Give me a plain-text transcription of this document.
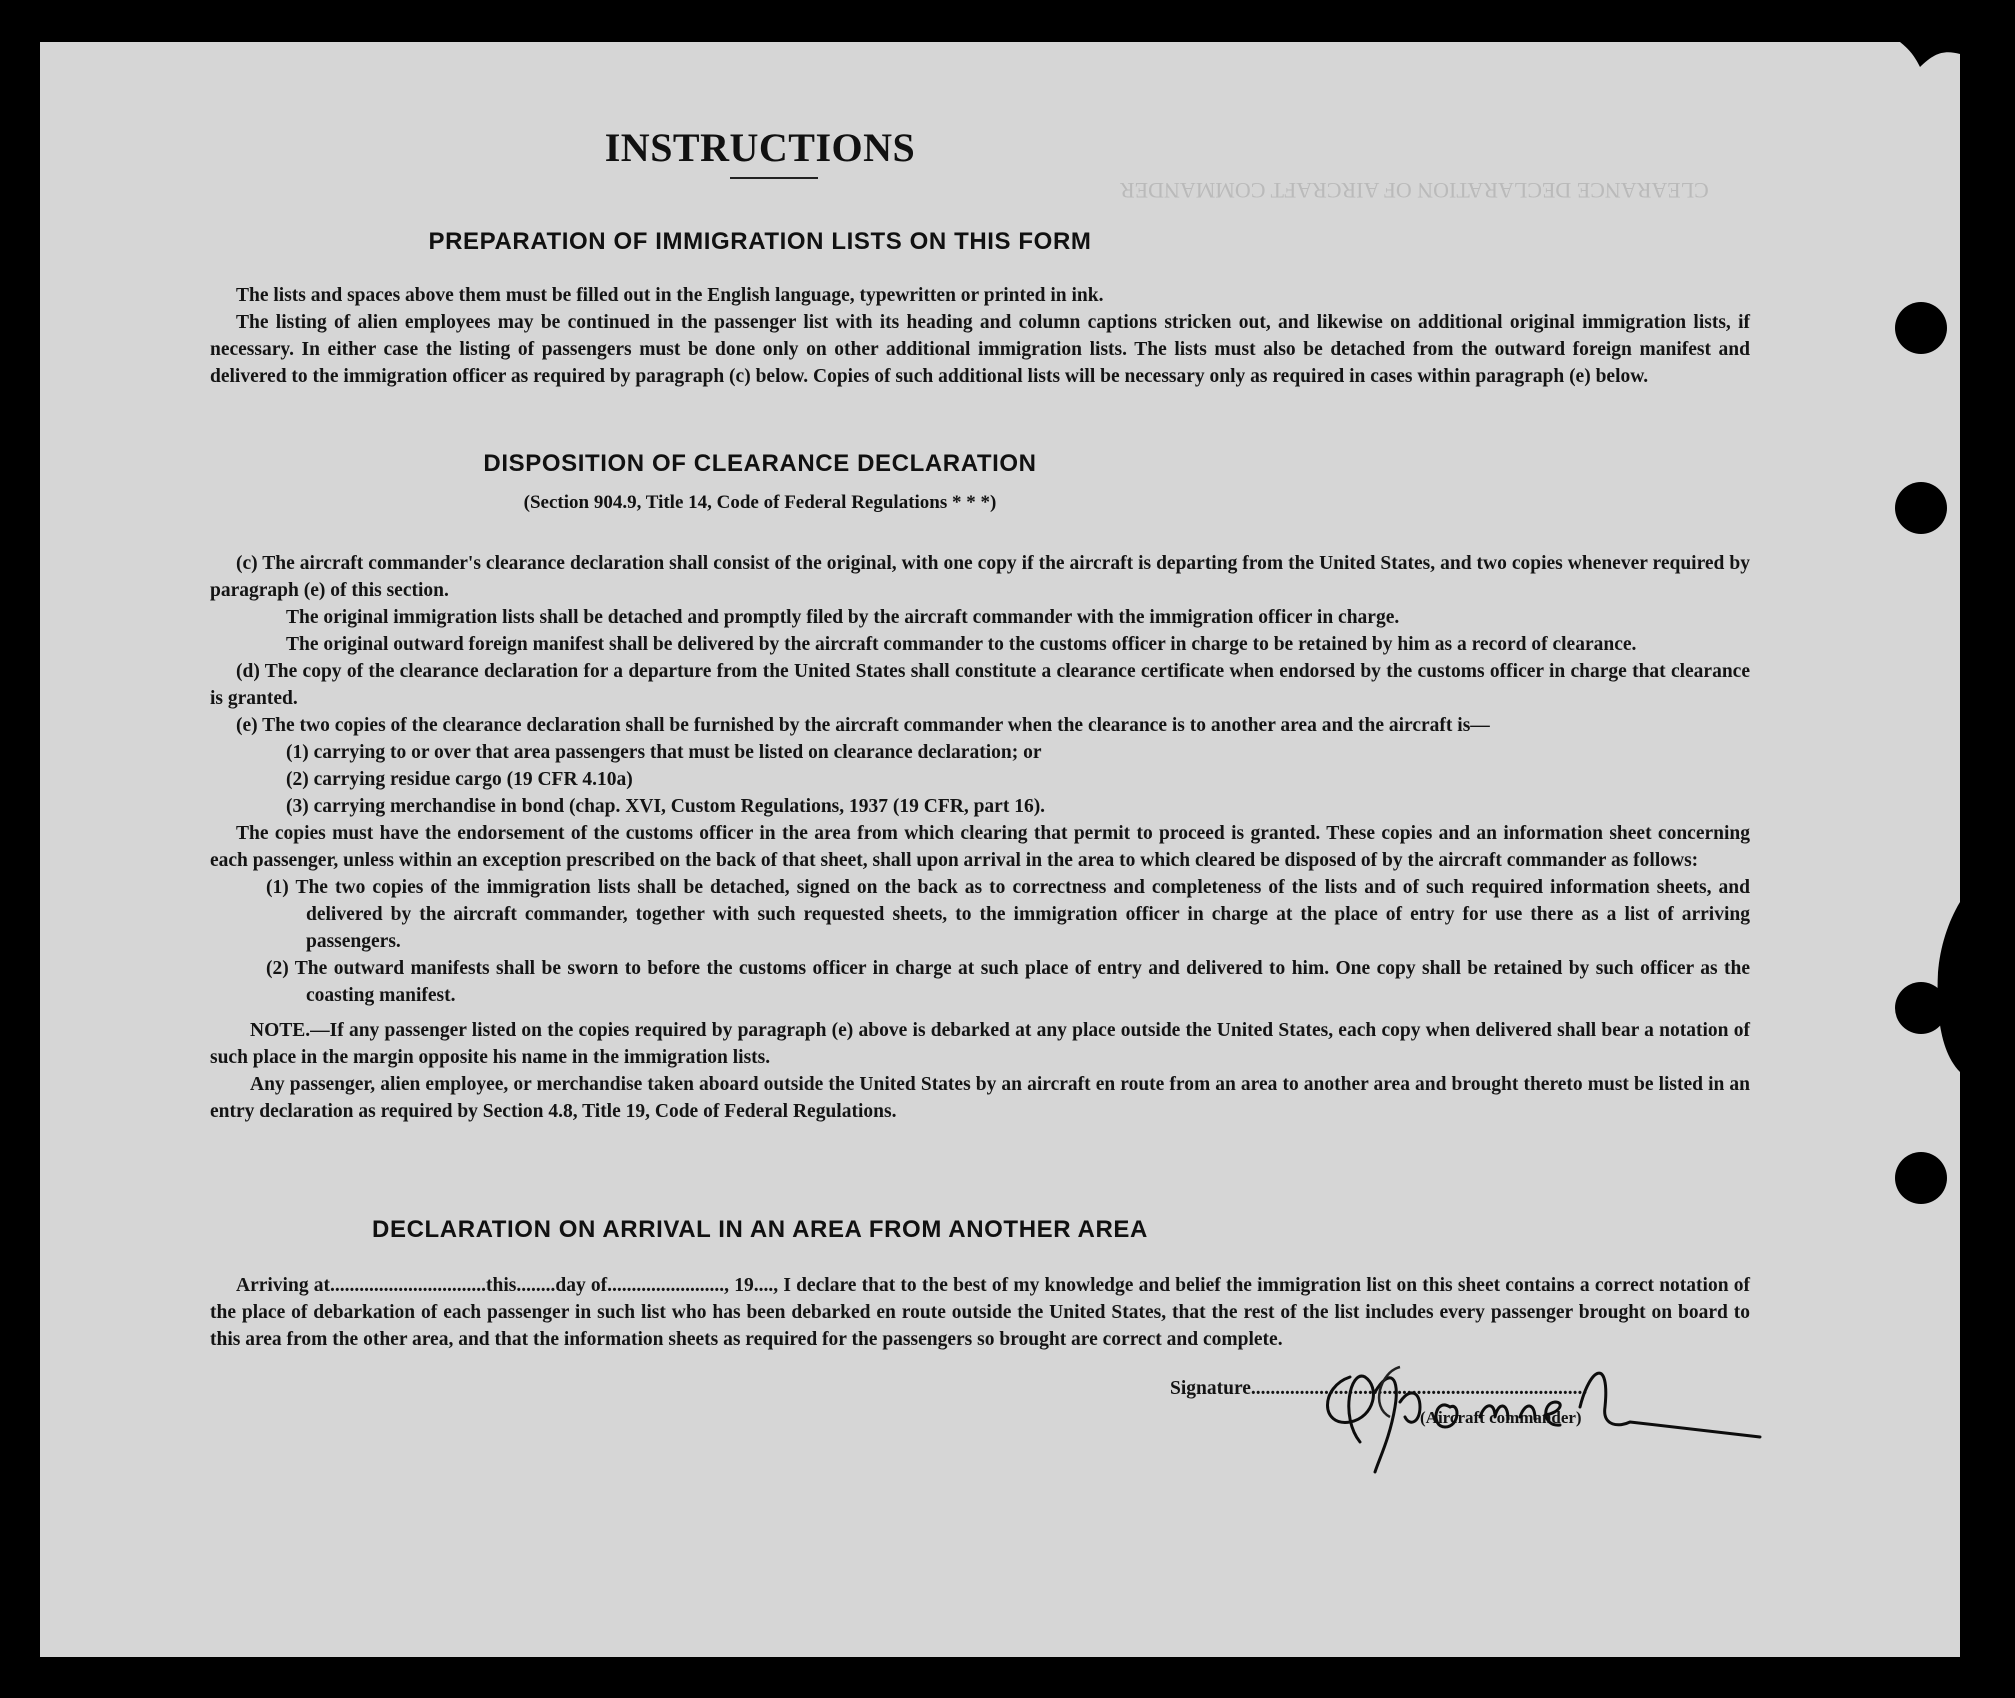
CLEARANCE DECLARATION OF AIRCRAFT COMMANDER
INSTRUCTIONS
PREPARATION OF IMMIGRATION LISTS ON THIS FORM

The lists and spaces above them must be filled out in the English language, typewritten or printed in ink.

The listing of alien employees may be continued in the passenger list with its heading and column captions stricken out, and likewise on additional original immigration lists, if necessary. In either case the listing of passengers must be done only on other additional immigration lists. The lists must also be detached from the outward foreign manifest and delivered to the immigration officer as required by paragraph (c) below. Copies of such additional lists will be necessary only as required in cases within paragraph (e) below.

DISPOSITION OF CLEARANCE DECLARATION
(Section 904.9, Title 14, Code of Federal Regulations * * *)

(c) The aircraft commander's clearance declaration shall consist of the original, with one copy if the aircraft is departing from the United States, and two copies whenever required by paragraph (e) of this section.

The original immigration lists shall be detached and promptly filed by the aircraft commander with the immigration officer in charge.

The original outward foreign manifest shall be delivered by the aircraft commander to the customs officer in charge to be retained by him as a record of clearance.

(d) The copy of the clearance declaration for a departure from the United States shall constitute a clearance certificate when endorsed by the customs officer in charge that clearance is granted.

(e) The two copies of the clearance declaration shall be furnished by the aircraft commander when the clearance is to another area and the aircraft is—

(1) carrying to or over that area passengers that must be listed on clearance declaration; or

(2) carrying residue cargo (19 CFR 4.10a)

(3) carrying merchandise in bond (chap. XVI, Custom Regulations, 1937 (19 CFR, part 16).

The copies must have the endorsement of the customs officer in the area from which clearing that permit to proceed is granted. These copies and an information sheet concerning each passenger, unless within an exception prescribed on the back of that sheet, shall upon arrival in the area to which cleared be disposed of by the aircraft commander as follows:

(1) The two copies of the immigration lists shall be detached, signed on the back as to correctness and completeness of the lists and of such required information sheets, and delivered by the aircraft commander, together with such requested sheets, to the immigration officer in charge at the place of entry for use there as a list of arriving passengers.

(2) The outward manifests shall be sworn to before the customs officer in charge at such place of entry and delivered to him. One copy shall be retained by such officer as the coasting manifest.

NOTE.—If any passenger listed on the copies required by paragraph (e) above is debarked at any place outside the United States, each copy when delivered shall bear a notation of such place in the margin opposite his name in the immigration lists.

Any passenger, alien employee, or merchandise taken aboard outside the United States by an aircraft en route from an area to another area and brought thereto must be listed in an entry declaration as required by Section 4.8, Title 19, Code of Federal Regulations.

DECLARATION ON ARRIVAL IN AN AREA FROM ANOTHER AREA

Arriving at................................this........day of........................, 19...., I declare that to the best of my knowledge and belief the immigration list on this sheet contains a correct notation of the place of debarkation of each passenger in such list who has been debarked en route outside the United States, that the rest of the list includes every passenger brought on board to this area from the other area, and that the information sheets as required for the passengers so brought are correct and complete.

Signature.....................................................................
(Aircraft commander)
